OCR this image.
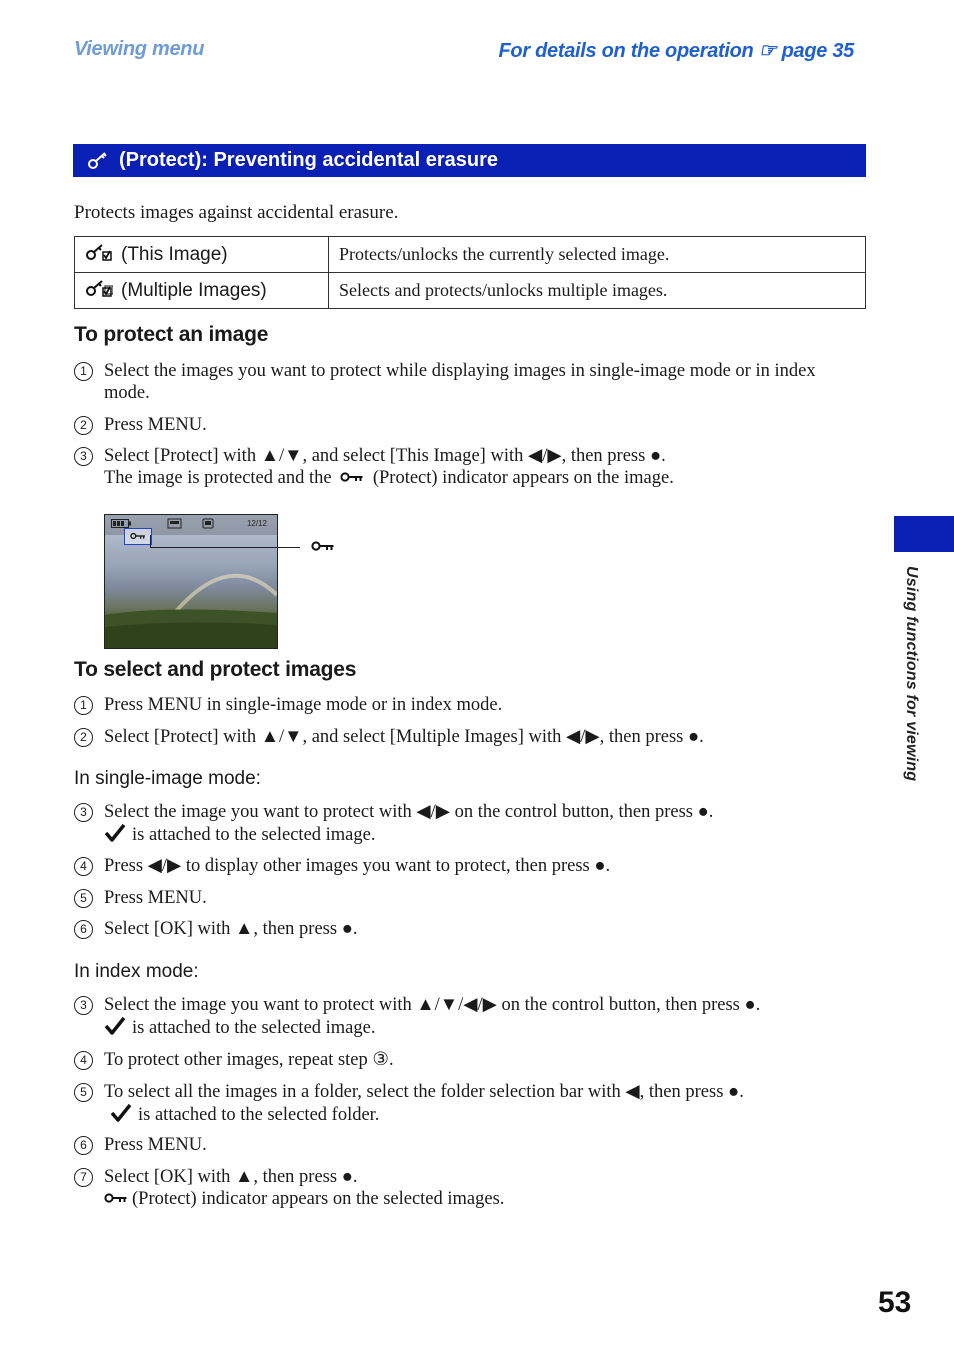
Viewing menu	For details on the operation ☞ page 35
(Protect): Preventing accidental erasure
Protects images against accidental erasure.
(This Image)	Protects/unlocks the currently selected image.
(Multiple Images)	Selects and protects/unlocks multiple images.
To protect an image
1 Select the images you want to protect while displaying images in single-image mode or in index
mode.
2 Press MENU.
3 Select [Protect] with ▲/▼, and select [This Image] with ◀/▶, then press ●.
The image is protected and the (Protect) indicator appears on the image.
12/12
To select and protect images
1 Press MENU in single-image mode or in index mode.
2 Select [Protect] with ▲/▼, and select [Multiple Images] with ◀/▶, then press ●.
In single-image mode:
3 Select the image you want to protect with ◀/▶ on the control button, then press ●.
is attached to the selected image.
4 Press ◀/▶ to display other images you want to protect, then press ●.
5 Press MENU.
6 Select [OK] with ▲, then press ●.
In index mode:
3 Select the image you want to protect with ▲/▼/◀/▶ on the control button, then press ●.
is attached to the selected image.
4 To protect other images, repeat step ③.
5 To select all the images in a folder, select the folder selection bar with ◀, then press ●.
is attached to the selected folder.
6 Press MENU.
7 Select [OK] with ▲, then press ●.
(Protect) indicator appears on the selected images.
Using functions for viewing
53
